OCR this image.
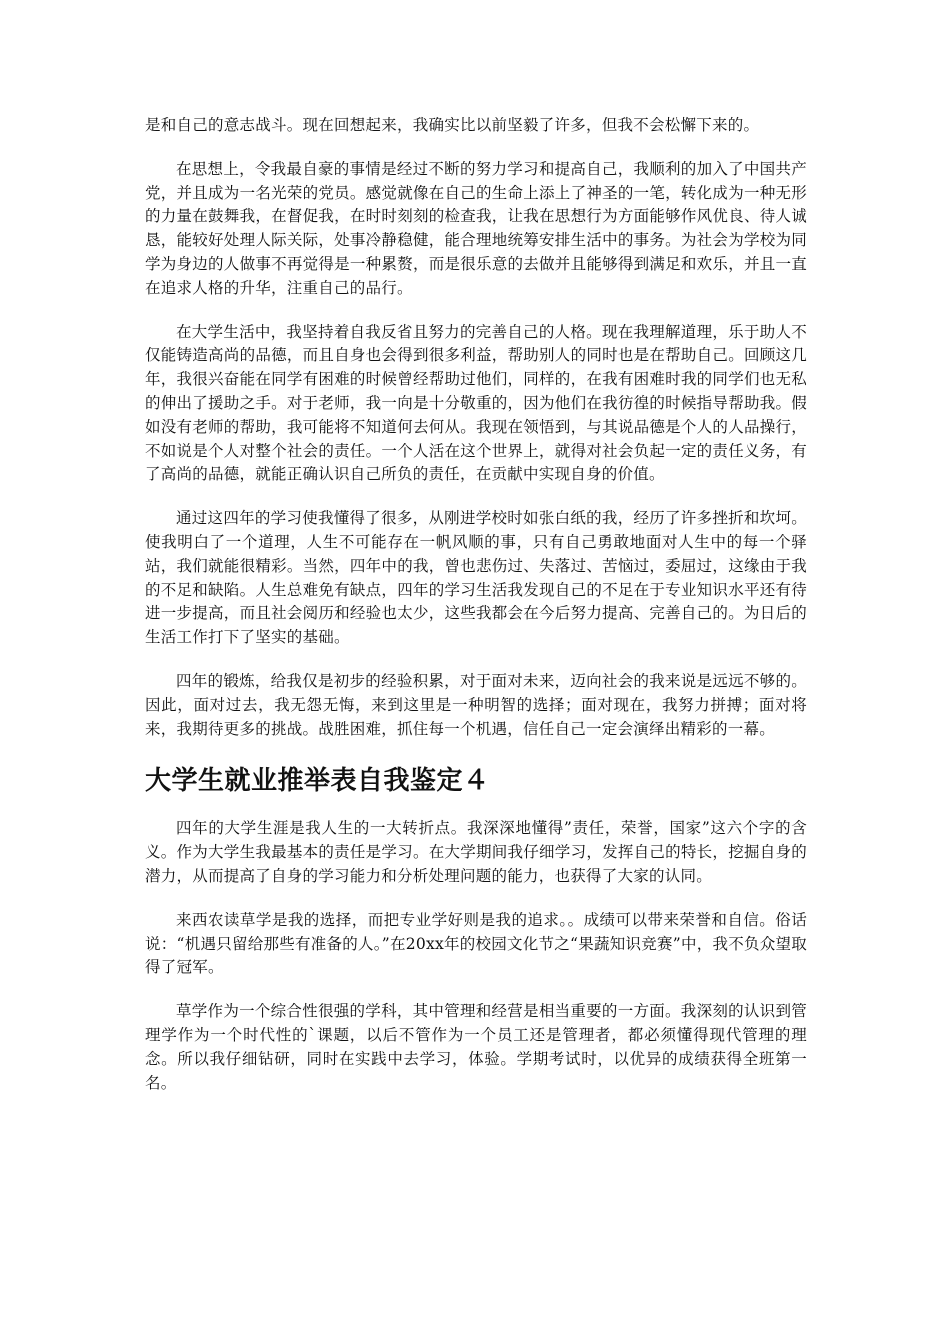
是和自己的意志战斗。现在回想起来，我确实比以前坚毅了许多，但我不会松懈下来的。

在思想上，令我最自豪的事情是经过不断的努力学习和提高自己，我顺利的加入了中国共产党，并且成为一名光荣的党员。感觉就像在自己的生命上添上了神圣的一笔，转化成为一种无形的力量在鼓舞我，在督促我，在时时刻刻的检查我，让我在思想行为方面能够作风优良、待人诚恳，能较好处理人际关际，处事冷静稳健，能合理地统筹安排生活中的事务。为社会为学校为同学为身边的人做事不再觉得是一种累赘，而是很乐意的去做并且能够得到满足和欢乐，并且一直在追求人格的升华，注重自己的品行。

在大学生活中，我坚持着自我反省且努力的完善自己的人格。现在我理解道理，乐于助人不仅能铸造高尚的品德，而且自身也会得到很多利益，帮助别人的同时也是在帮助自己。回顾这几年，我很兴奋能在同学有困难的时候曾经帮助过他们，同样的，在我有困难时我的同学们也无私的伸出了援助之手。对于老师，我一向是十分敬重的，因为他们在我彷徨的时候指导帮助我。假如没有老师的帮助，我可能将不知道何去何从。我现在领悟到，与其说品德是个人的人品操行，不如说是个人对整个社会的责任。一个人活在这个世界上，就得对社会负起一定的责任义务，有了高尚的品德，就能正确认识自己所负的责任，在贡献中实现自身的价值。

通过这四年的学习使我懂得了很多，从刚进学校时如张白纸的我，经历了许多挫折和坎坷。使我明白了一个道理，人生不可能存在一帆风顺的事，只有自己勇敢地面对人生中的每一个驿站，我们就能很精彩。当然，四年中的我，曾也悲伤过、失落过、苦恼过，委屈过，这缘由于我的不足和缺陷。人生总难免有缺点，四年的学习生活我发现自己的不足在于专业知识水平还有待进一步提高，而且社会阅历和经验也太少，这些我都会在今后努力提高、完善自己的。为日后的生活工作打下了坚实的基础。

四年的锻炼，给我仅是初步的经验积累，对于面对未来，迈向社会的我来说是远远不够的。因此，面对过去，我无怨无悔，来到这里是一种明智的选择；面对现在，我努力拼搏；面对将来，我期待更多的挑战。战胜困难，抓住每一个机遇，信任自己一定会演绎出精彩的一幕。

大学生就业推举表自我鉴定４

四年的大学生涯是我人生的一大转折点。我深深地懂得”责任，荣誉，国家”这六个字的含义。作为大学生我最基本的责任是学习。在大学期间我仔细学习，发挥自己的特长，挖掘自身的潜力，从而提高了自身的学习能力和分析处理问题的能力，也获得了大家的认同。

来西农读草学是我的选择，而把专业学好则是我的追求。。成绩可以带来荣誉和自信。俗话说：“机遇只留给那些有准备的人。”在20xx年的校园文化节之“果蔬知识竞赛”中，我不负众望取得了冠军。

草学作为一个综合性很强的学科，其中管理和经营是相当重要的一方面。我深刻的认识到管理学作为一个时代性的`课题，以后不管作为一个员工还是管理者，都必须懂得现代管理的理念。所以我仔细钻研，同时在实践中去学习，体验。学期考试时，以优异的成绩获得全班第一名。
